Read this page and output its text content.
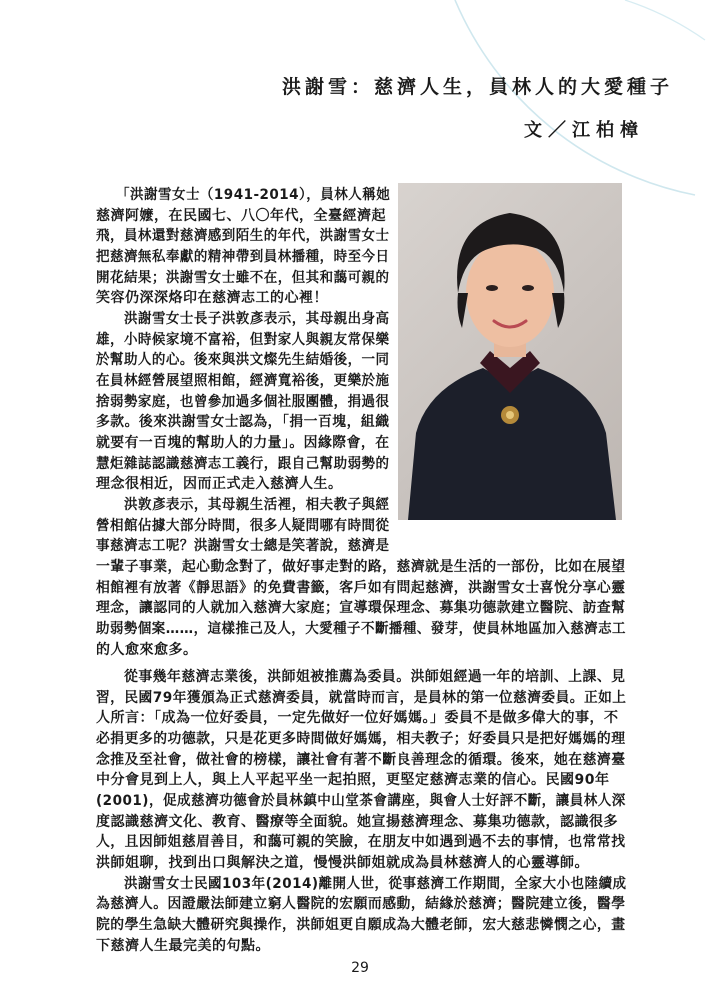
洪謝雪：慈濟人生，員林人的大愛種子
文／江柏樟
「洪謝雪女士（1941-2014），員林人稱她
慈濟阿嬤，在民國七、八〇年代，全臺經濟起
飛，員林還對慈濟感到陌生的年代，洪謝雪女士
把慈濟無私奉獻的精神帶到員林播種，時至今日
開花結果；洪謝雪女士雖不在，但其和藹可親的
笑容仍深深烙印在慈濟志工的心裡！
洪謝雪女士長子洪敦彥表示，其母親出身高
雄，小時候家境不富裕，但對家人與親友常保樂
於幫助人的心。後來與洪文燦先生結婚後，一同
在員林經營展望照相館，經濟寬裕後，更樂於施
捨弱勢家庭，也曾參加過多個社服團體，捐過很
多款。後來洪謝雪女士認為，「捐一百塊，組織
就要有一百塊的幫助人的力量」。因緣際會，在
慧炬雜誌認識慈濟志工義行，跟自己幫助弱勢的
理念很相近，因而正式走入慈濟人生。
洪敦彥表示，其母親生活裡，相夫教子與經
營相館佔據大部分時間，很多人疑問哪有時間從
事慈濟志工呢？洪謝雪女士總是笑著說，慈濟是
一輩子事業，起心動念對了，做好事走對的路，慈濟就是生活的一部份，比如在展望
相館裡有放著《靜思語》的免費書籤，客戶如有問起慈濟，洪謝雪女士喜悅分享心靈
理念，讓認同的人就加入慈濟大家庭；宣導環保理念、募集功德款建立醫院、訪查幫
助弱勢個案……，這樣推己及人，大愛種子不斷播種、發芽，使員林地區加入慈濟志工
的人愈來愈多。
從事幾年慈濟志業後，洪師姐被推薦為委員。洪師姐經過一年的培訓、上課、見
習，民國79年獲頒為正式慈濟委員，就當時而言，是員林的第一位慈濟委員。正如上
人所言：「成為一位好委員，一定先做好一位好媽媽。」委員不是做多偉大的事，不
必捐更多的功德款，只是花更多時間做好媽媽，相夫教子；好委員只是把好媽媽的理
念推及至社會，做社會的榜樣，讓社會有著不斷良善理念的循環。後來，她在慈濟臺
中分會見到上人，與上人平起平坐一起拍照，更堅定慈濟志業的信心。民國90年
(2001)，促成慈濟功德會於員林鎮中山堂茶會講座，與會人士好評不斷，讓員林人深
度認識慈濟文化、教育、醫療等全面貌。她宣揚慈濟理念、募集功德款，認識很多
人，且因師姐慈眉善目，和藹可親的笑臉，在朋友中如遇到過不去的事情，也常常找
洪師姐聊，找到出口與解決之道，慢慢洪師姐就成為員林慈濟人的心靈導師。
洪謝雪女士民國103年(2014)離開人世，從事慈濟工作期間，全家大小也陸續成
為慈濟人。因證嚴法師建立窮人醫院的宏願而感動，結緣於慈濟；醫院建立後，醫學
院的學生急缺大體研究與操作，洪師姐更自願成為大體老師，宏大慈悲憐憫之心，畫
下慈濟人生最完美的句點。
29
